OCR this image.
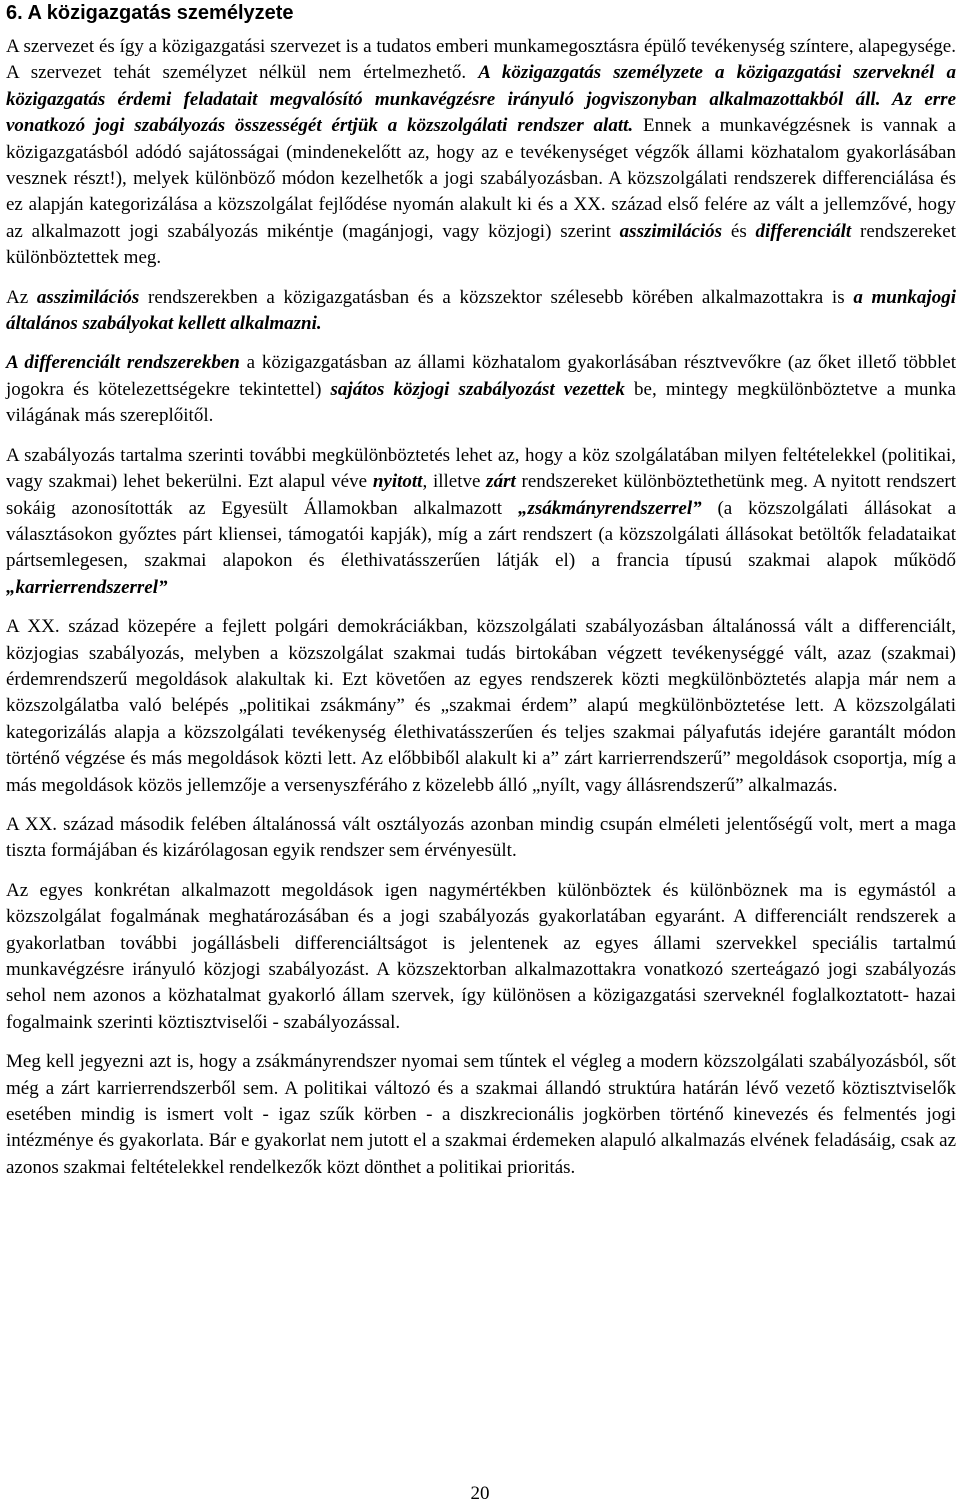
6. A közigazgatás személyzete

A szervezet és így a közigazgatási szervezet is a tudatos emberi munkamegosztásra épülő tevékenység színtere, alapegysége. A szervezet tehát személyzet nélkül nem értelmezhető. A közigazgatás személyzete a közigazgatási szerveknél a közigazgatás érdemi feladatait megvalósító munkavégzésre irányuló jogviszonyban alkalmazottakból áll. Az erre vonatkozó jogi szabályozás összességét értjük a közszolgálati rendszer alatt. Ennek a munkavégzésnek is vannak a közigazgatásból adódó sajátosságai (mindenekelőtt az, hogy az e tevékenységet végzők állami közhatalom gyakorlásában vesznek részt!), melyek különböző módon kezelhetők a jogi szabályozásban. A közszolgálati rendszerek differenciálása és ez alapján kategorizálása a közszolgálat fejlődése nyomán alakult ki és a XX. század első felére az vált a jellemzővé, hogy az alkalmazott jogi szabályozás mikéntje (magánjogi, vagy közjogi) szerint asszimilációs és differenciált rendszereket különböztettek meg.

Az asszimilációs rendszerekben a közigazgatásban és a közszektor szélesebb körében alkalmazottakra is a munkajogi általános szabályokat kellett alkalmazni.

A differenciált rendszerekben a közigazgatásban az állami közhatalom gyakorlásában résztvevőkre (az őket illető többlet jogokra és kötelezettségekre tekintettel) sajátos közjogi szabályozást vezettek be, mintegy megkülönböztetve a munka világának más szereplőitől.

A szabályozás tartalma szerinti további megkülönböztetés lehet az, hogy a köz szolgálatában milyen feltételekkel (politikai, vagy szakmai) lehet bekerülni. Ezt alapul véve nyitott, illetve zárt rendszereket különböztethetünk meg. A nyitott rendszert sokáig azonosították az Egyesült Államokban alkalmazott „zsákmányrendszerrel” (a közszolgálati állásokat a választásokon győztes párt kliensei, támogatói kapják), míg a zárt rendszert (a közszolgálati állásokat betöltők feladataikat pártsemlegesen, szakmai alapokon és élethivatásszerűen látják el) a francia típusú szakmai alapok működő „karrierrendszerrel”

A XX. század közepére a fejlett polgári demokráciákban, közszolgálati szabályozásban általánossá vált a differenciált, közjogias szabályozás, melyben a közszolgálat szakmai tudás birtokában végzett tevékenységgé vált, azaz (szakmai) érdemrendszerű megoldások alakultak ki. Ezt követően az egyes rendszerek közti megkülönböztetés alapja már nem a közszolgálatba való belépés „politikai zsákmány” és „szakmai érdem” alapú megkülönböztetése lett. A közszolgálati kategorizálás alapja a közszolgálati tevékenység élethivatásszerűen és teljes szakmai pályafutás idejére garantált módon történő végzése és más megoldások közti lett. Az előbbiből alakult ki a” zárt karrierrendszerű” megoldások csoportja, míg a más megoldások közös jellemzője a versenyszféráho z közelebb álló „nyílt, vagy állásrendszerű” alkalmazás.

A XX. század második felében általánossá vált osztályozás azonban mindig csupán elméleti jelentőségű volt, mert a maga tiszta formájában és kizárólagosan egyik rendszer sem érvényesült.

Az egyes konkrétan alkalmazott megoldások igen nagymértékben különböztek és különböznek ma is egymástól a közszolgálat fogalmának meghatározásában és a jogi szabályozás gyakorlatában egyaránt. A differenciált rendszerek a gyakorlatban további jogállásbeli differenciáltságot is jelentenek az egyes állami szervekkel speciális tartalmú munkavégzésre irányuló közjogi szabályozást. A közszektorban alkalmazottakra vonatkozó szerteágazó jogi szabályozás sehol nem azonos a közhatalmat gyakorló állam szervek, így különösen a közigazgatási szerveknél foglalkoztatott- hazai fogalmaink szerinti köztisztviselői - szabályozással.

Meg kell jegyezni azt is, hogy a zsákmányrendszer nyomai sem tűntek el végleg a modern közszolgálati szabályozásból, sőt még a zárt karrierrendszerből sem. A politikai változó és a szakmai állandó struktúra határán lévő vezető köztisztviselők esetében mindig is ismert volt - igaz szűk körben - a diszkrecionális jogkörben történő kinevezés és felmentés jogi intézménye és gyakorlata. Bár e gyakorlat nem jutott el a szakmai érdemeken alapuló alkalmazás elvének feladásáig, csak az azonos szakmai feltételekkel rendelkezők közt dönthet a politikai prioritás.

20
